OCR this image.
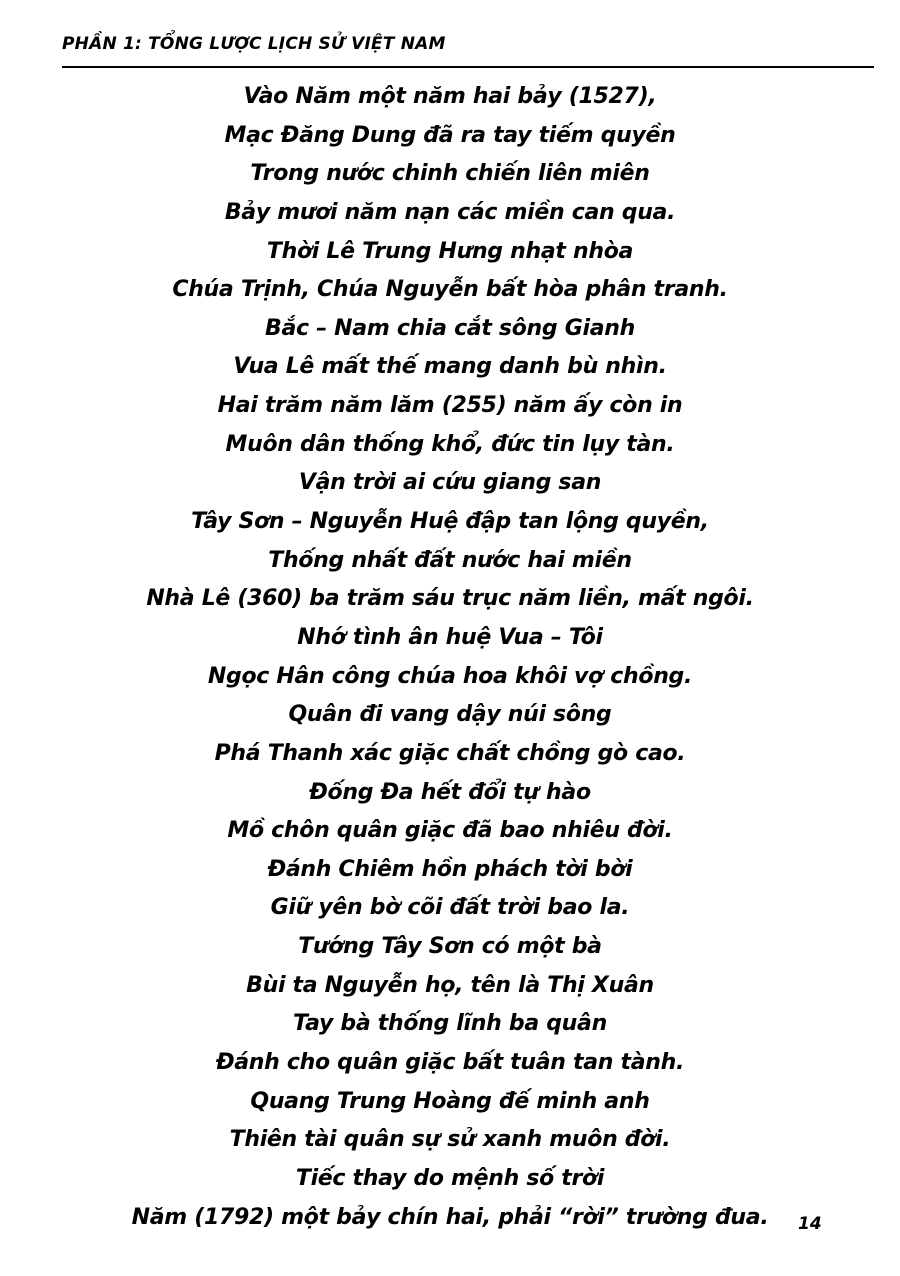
PHẦN 1: TỔNG LƯỢC LỊCH SỬ VIỆT NAM
Vào Năm một năm hai bảy (1527),
Mạc Đăng Dung đã ra tay tiếm quyền
Trong nước chinh chiến liên miên
Bảy mươi năm nạn các miền can qua.
Thời Lê Trung Hưng nhạt nhòa
Chúa Trịnh, Chúa Nguyễn bất hòa phân tranh.
Bắc – Nam chia cắt sông Gianh
Vua Lê mất thế mang danh bù nhìn.
Hai trăm năm lăm (255) năm ấy còn in
Muôn dân thống khổ, đức tin lụy tàn.
Vận trời ai cứu giang san
Tây Sơn – Nguyễn Huệ đập tan lộng quyền,
Thống nhất đất nước hai miền
Nhà Lê (360) ba trăm sáu trục năm liền, mất ngôi.
Nhớ tình ân huệ Vua – Tôi
Ngọc Hân công chúa hoa khôi vợ chồng.
Quân đi vang dậy núi sông
Phá Thanh xác giặc chất chồng gò cao.
Đống Đa hết đổi tự hào
Mồ chôn quân giặc đã bao nhiêu đời.
Đánh Chiêm hồn phách tời bời
Giữ yên bờ cõi đất trời bao la.
Tướng Tây Sơn có một bà
Bùi ta Nguyễn họ, tên là Thị Xuân
Tay bà thống lĩnh ba quân
Đánh cho quân giặc bất tuân tan tành.
Quang Trung Hoàng đế minh anh
Thiên tài quân sự sử xanh muôn đời.
Tiếc thay do mệnh số trời
Năm (1792) một bảy chín hai, phải “rời” trường đua.	14
